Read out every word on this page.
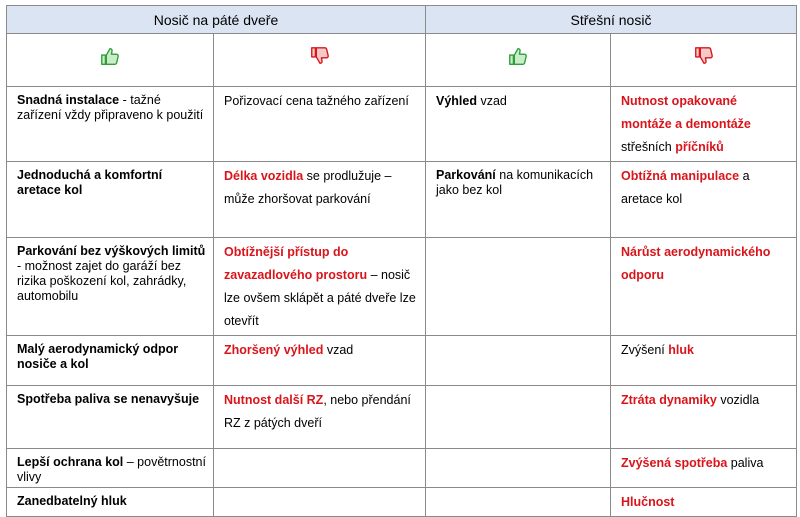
Nosič na páté dveře		Střešní nosič	

Snadná instalace - tažné zařízení vždy připraveno k použití	Pořizovací cena tažného zařízení	Výhled vzad	Nutnost opakované montáže a demontáže střešních příčníků
Jednoduchá a komfortní aretace kol	Délka vozidla se prodlužuje – může zhoršovat parkování	Parkování na komunikacích jako bez kol	Obtížná manipulace a aretace kol
Parkování bez výškových limitů - možnost zajet do garáží bez rizika poškození kol, zahrádky, automobilu	Obtížnější přístup do zavazadlového prostoru – nosič lze ovšem sklápět a páté dveře lze otevřít		Nárůst aerodynamického odporu
Malý aerodynamický odpor nosiče a kol	Zhoršený výhled vzad		Zvýšení hluk
Spotřeba paliva se nenavyšuje	Nutnost další RZ, nebo přendání RZ z pátých dveří		Ztráta dynamiky vozidla
Lepší ochrana kol – povětrnostní vlivy			Zvýšená spotřeba paliva
Zanedbatelný hluk			Hlučnost
